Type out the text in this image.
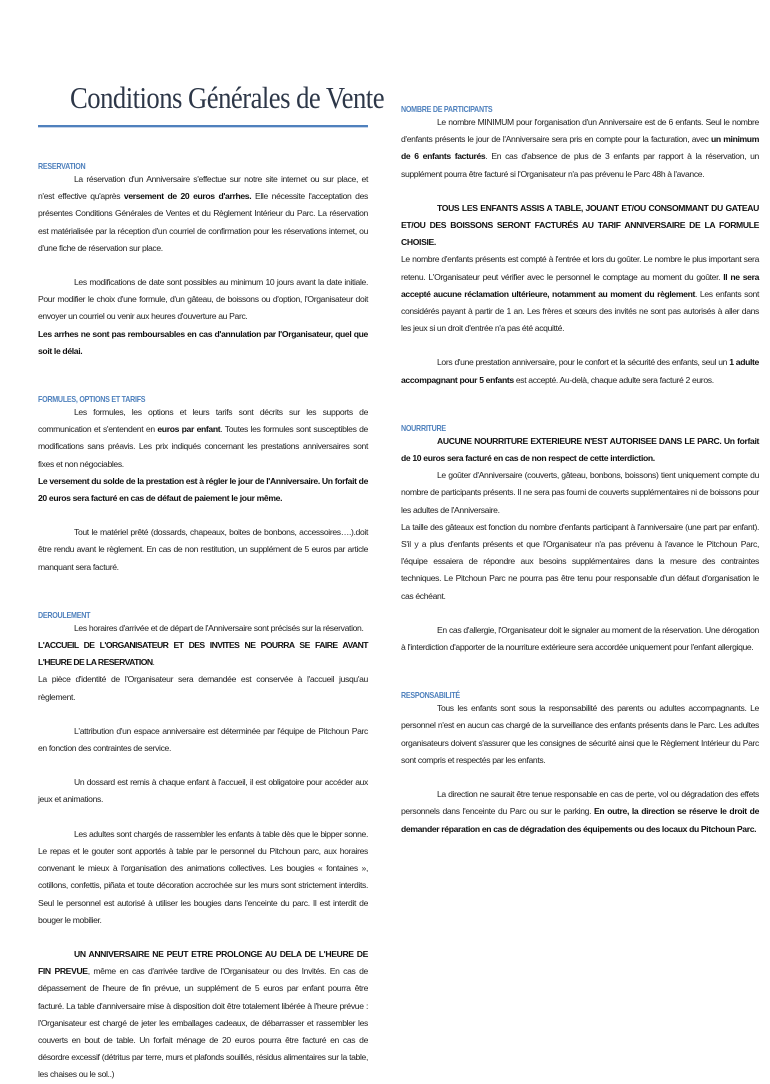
Conditions Générales de Vente
RESERVATION

La réservation d'un Anniversaire s'effectue sur notre site internet ou sur place, et n'est effective qu'après versement de 20 euros d'arrhes. Elle nécessite l'acceptation des présentes Conditions Générales de Ventes et du Règlement Intérieur du Parc. La réservation est matérialisée par la réception d'un courriel de confirmation pour les réservations internet, ou d'une fiche de réservation sur place.

Les modifications de date sont possibles au minimum 10 jours avant la date initiale. Pour modifier le choix d'une formule, d'un gâteau, de boissons ou d'option, l'Organisateur doit envoyer un courriel ou venir aux heures d'ouverture au Parc.

Les arrhes ne sont pas remboursables en cas d'annulation par l'Organisateur, quel que soit le délai.

FORMULES, OPTIONS ET TARIFS

Les formules, les options et leurs tarifs sont décrits sur les supports de communication et s'entendent en euros par enfant. Toutes les formules sont susceptibles de modifications sans préavis. Les prix indiqués concernant les prestations anniversaires sont fixes et non négociables.

Le versement du solde de la prestation est à régler le jour de l'Anniversaire. Un forfait de 20 euros sera facturé en cas de défaut de paiement le jour même.

Tout le matériel prêté (dossards, chapeaux, boites de bonbons, accessoires….).doit être rendu avant le règlement. En cas de non restitution, un supplément de 5 euros par article manquant sera facturé.

DEROULEMENT

Les horaires d'arrivée et de départ de l'Anniversaire sont précisés sur la réservation.

L'ACCUEIL DE L'ORGANISATEUR ET DES INVITES NE POURRA SE FAIRE AVANT L'HEURE DE LA RESERVATION.

La pièce d'identité de l'Organisateur sera demandée est conservée à l'accueil jusqu'au règlement.

L'attribution d'un espace anniversaire est déterminée par l'équipe de Pitchoun Parc en fonction des contraintes de service.

Un dossard est remis à chaque enfant à l'accueil, il est obligatoire pour accéder aux jeux et animations.

Les adultes sont chargés de rassembler les enfants à table dès que le bipper sonne. Le repas et le gouter sont apportés à table par le personnel du Pitchoun parc, aux horaires convenant le mieux à l'organisation des animations collectives. Les bougies « fontaines », cotillons, confettis, piñata et toute décoration accrochée sur les murs sont strictement interdits. Seul le personnel est autorisé à utiliser les bougies dans l'enceinte du parc. Il est interdit de bouger le mobilier.

UN ANNIVERSAIRE NE PEUT ETRE PROLONGE AU DELA DE L'HEURE DE FIN PREVUE, même en cas d'arrivée tardive de l'Organisateur ou des Invités. En cas de dépassement de l'heure de fin prévue, un supplément de 5 euros par enfant pourra être facturé. La table d'anniversaire mise à disposition doit être totalement libérée à l'heure prévue : l'Organisateur est chargé de jeter les emballages cadeaux, de débarrasser et rassembler les couverts en bout de table. Un forfait ménage de 20 euros pourra être facturé en cas de désordre excessif (détritus par terre, murs et plafonds souillés, résidus alimentaires sur la table, les chaises ou le sol..)

NOMBRE DE PARTICIPANTS

Le nombre MINIMUM pour l'organisation d'un Anniversaire est de 6 enfants. Seul le nombre d'enfants présents le jour de l'Anniversaire sera pris en compte pour la facturation, avec un minimum de 6 enfants facturés. En cas d'absence de plus de 3 enfants par rapport à la réservation, un supplément pourra être facturé si l'Organisateur n'a pas prévenu le Parc 48h à l'avance.

TOUS LES ENFANTS ASSIS A TABLE, JOUANT ET/OU CONSOMMANT DU GATEAU ET/OU DES BOISSONS SERONT FACTURÉS AU TARIF ANNIVERSAIRE DE LA FORMULE CHOISIE.

Le nombre d'enfants présents est compté à l'entrée et lors du goûter. Le nombre le plus important sera retenu. L'Organisateur peut vérifier avec le personnel le comptage au moment du goûter. Il ne sera accepté aucune réclamation ultérieure, notamment au moment du règlement. Les enfants sont considérés payant à partir de 1 an. Les frères et sœurs des invités ne sont pas autorisés à aller dans les jeux si un droit d'entrée n'a pas été acquitté.

Lors d'une prestation anniversaire, pour le confort et la sécurité des enfants, seul un 1 adulte accompagnant pour 5 enfants est accepté. Au-delà, chaque adulte sera facturé 2 euros.

NOURRITURE

AUCUNE NOURRITURE EXTERIEURE N'EST AUTORISEE DANS LE PARC. Un forfait de 10 euros sera facturé en cas de non respect de cette interdiction.

Le goûter d'Anniversaire (couverts, gâteau, bonbons, boissons) tient uniquement compte du nombre de participants présents. Il ne sera pas fourni de couverts supplémentaires ni de boissons pour les adultes de l'Anniversaire.

La taille des gâteaux est fonction du nombre d'enfants participant à l'anniversaire (une part par enfant). S'il y a plus d'enfants présents et que l'Organisateur n'a pas prévenu à l'avance le Pitchoun Parc, l'équipe essaiera de répondre aux besoins supplémentaires dans la mesure des contraintes techniques. Le Pitchoun Parc ne pourra pas être tenu pour responsable d'un défaut d'organisation le cas échéant.

En cas d'allergie, l'Organisateur doit le signaler au moment de la réservation. Une dérogation à l'interdiction d'apporter de la nourriture extérieure sera accordée uniquement pour l'enfant allergique.

RESPONSABILITÉ

Tous les enfants sont sous la responsabilité des parents ou adultes accompagnants. Le personnel n'est en aucun cas chargé de la surveillance des enfants présents dans le Parc. Les adultes organisateurs doivent s'assurer que les consignes de sécurité ainsi que le Règlement Intérieur du Parc sont compris et respectés par les enfants.

La direction ne saurait être tenue responsable en cas de perte, vol ou dégradation des effets personnels dans l'enceinte du Parc ou sur le parking. En outre, la direction se réserve le droit de demander réparation en cas de dégradation des équipements ou des locaux du Pitchoun Parc.
